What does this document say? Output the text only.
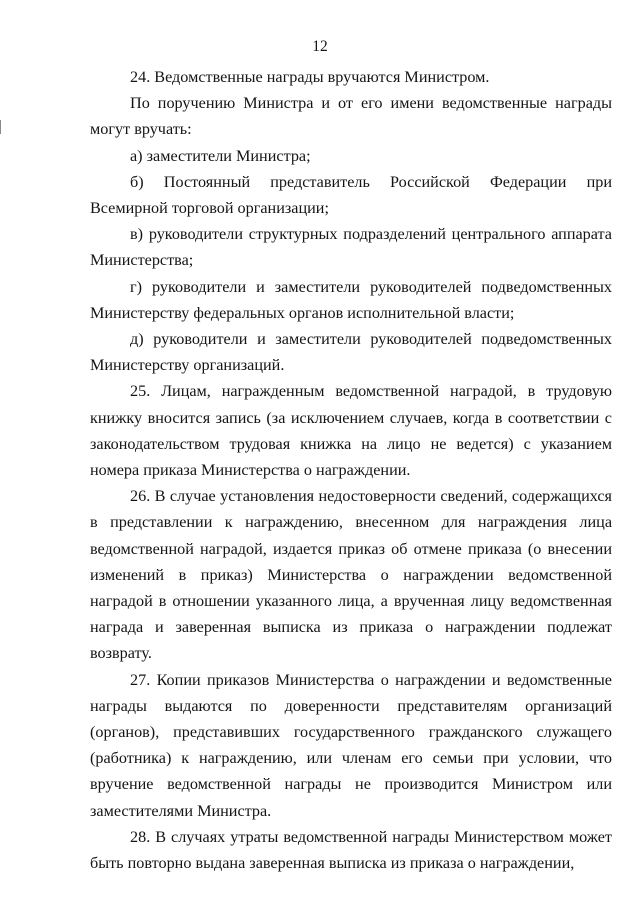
12

24. Ведомственные награды вручаются Министром.

По поручению Министра и от его имени ведомственные награды могут вручать:

а) заместители Министра;

б) Постоянный представитель Российской Федерации при Всемирной торговой организации;

в) руководители структурных подразделений центрального аппарата Министерства;

г) руководители и заместители руководителей подведомственных Министерству федеральных органов исполнительной власти;

д) руководители и заместители руководителей подведомственных Министерству организаций.

25. Лицам, награжденным ведомственной наградой, в трудовую книжку вносится запись (за исключением случаев, когда в соответствии с законодательством трудовая книжка на лицо не ведется) с указанием номера приказа Министерства о награждении.

26. В случае установления недостоверности сведений, содержащихся в представлении к награждению, внесенном для награждения лица ведомственной наградой, издается приказ об отмене приказа (о внесении изменений в приказ) Министерства о награждении ведомственной наградой в отношении указанного лица, а врученная лицу ведомственная награда и заверенная выписка из приказа о награждении подлежат возврату.

27. Копии приказов Министерства о награждении и ведомственные награды выдаются по доверенности представителям организаций (органов), представивших государственного гражданского служащего (работника) к награждению, или членам его семьи при условии, что вручение ведомственной награды не производится Министром или заместителями Министра.

28. В случаях утраты ведомственной награды Министерством может быть повторно выдана заверенная выписка из приказа о награждении,
